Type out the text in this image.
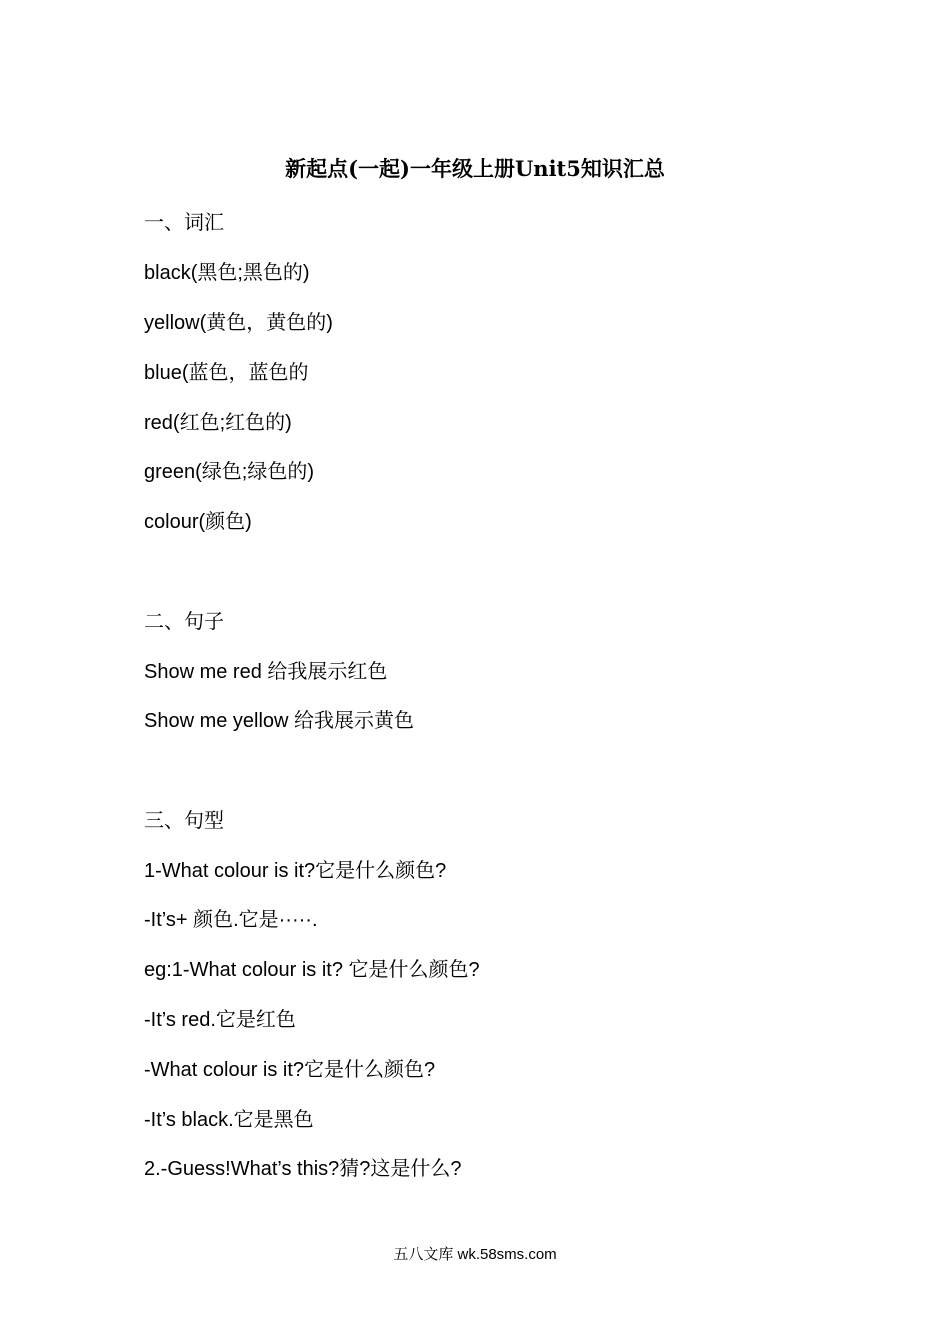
新起点(一起)一年级上册Unit5知识汇总
一、词汇
black(黑色;黑色的)
yellow(黄色，黄色的)
blue(蓝色，蓝色的
red(红色;红色的)
green(绿色;绿色的)
colour(颜色)
二、句子
Show me red 给我展示红色
Show me yellow 给我展示黄色
三、句型
1-What colour is it?它是什么颜色?
-It’s+ 颜色.它是·····.
eg:1-What colour is it? 它是什么颜色?
-It’s red.它是红色
-What colour is it?它是什么颜色?
-It’s black.它是黑色
2.-Guess!What’s this?猜?这是什么?
五八文库 wk.58sms.com
